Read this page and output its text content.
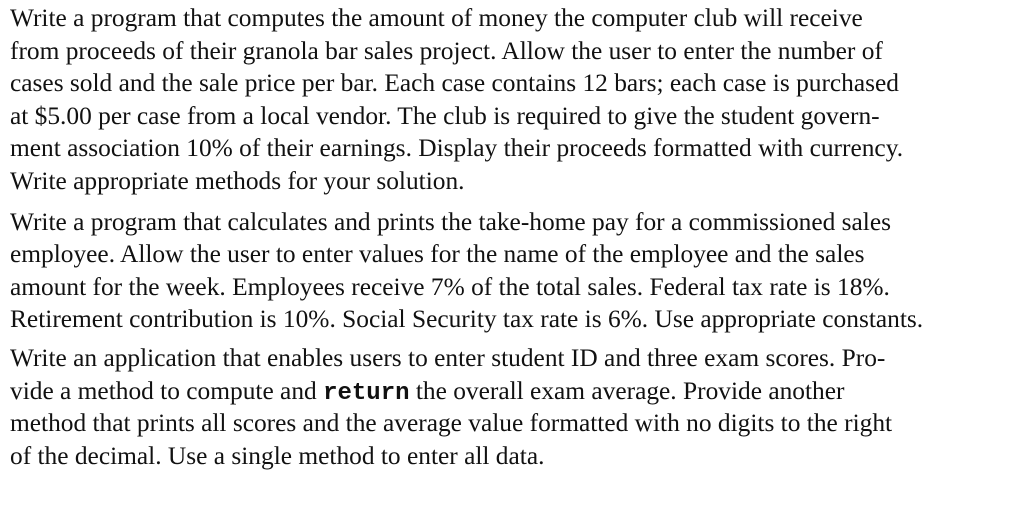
Write a program that computes the amount of money the computer club will receive
from proceeds of their granola bar sales project. Allow the user to enter the number of
cases sold and the sale price per bar. Each case contains 12 bars; each case is purchased
at $5.00 per case from a local vendor. The club is required to give the student govern-
ment association 10% of their earnings. Display their proceeds formatted with currency.
Write appropriate methods for your solution.

Write a program that calculates and prints the take-home pay for a commissioned sales
employee. Allow the user to enter values for the name of the employee and the sales
amount for the week. Employees receive 7% of the total sales. Federal tax rate is 18%.
Retirement contribution is 10%. Social Security tax rate is 6%. Use appropriate constants.

Write an application that enables users to enter student ID and three exam scores. Pro-
vide a method to compute and return the overall exam average. Provide another
method that prints all scores and the average value formatted with no digits to the right
of the decimal. Use a single method to enter all data.
